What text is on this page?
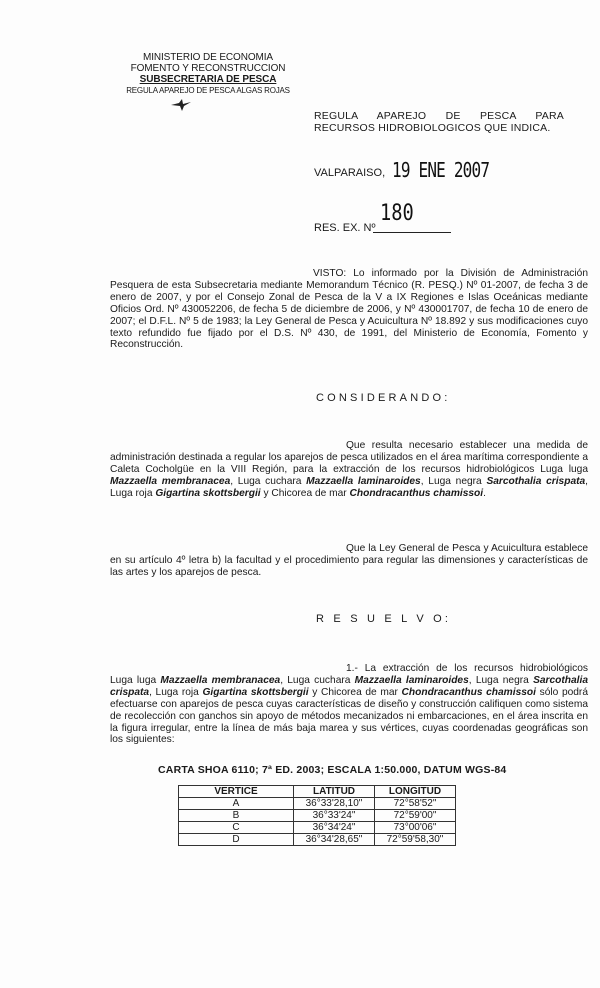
MINISTERIO DE ECONOMIA
FOMENTO Y RECONSTRUCCION
SUBSECRETARIA DE PESCA
REGULA APAREJO DE PESCA ALGAS ROJAS
REGULA APAREJO DE PESCA PARA
RECURSOS HIDROBIOLOGICOS QUE INDICA.
VALPARAISO, 19 ENE 2007
RES. EX. Nº
180
VISTO: Lo informado por la División de Administración Pesquera de esta Subsecretaria mediante Memorandum Técnico (R. PESQ.) Nº 01-2007, de fecha 3 de enero de 2007, y por el Consejo Zonal de Pesca de la V a IX Regiones e Islas Oceánicas mediante Oficios Ord. Nº 430052206, de fecha 5 de diciembre de 2006, y Nº 430001707, de fecha 10 de enero de 2007; el D.F.L. Nº 5 de 1983; la Ley General de Pesca y Acuicultura Nº 18.892 y sus modificaciones cuyo texto refundido fue fijado por el D.S. Nº 430, de 1991, del Ministerio de Economía, Fomento y Reconstrucción.
CONSIDERANDO:
Que resulta necesario establecer una medida de administración destinada a regular los aparejos de pesca utilizados en el área marítima correspondiente a Caleta Cocholgüe en la VIII Región, para la extracción de los recursos hidrobiológicos Luga luga Mazzaella membranacea, Luga cuchara Mazzaella laminaroides, Luga negra Sarcothalia crispata, Luga roja Gigartina skottsbergii y Chicorea de mar Chondracanthus chamissoi.
Que la Ley General de Pesca y Acuicultura establece en su artículo 4º letra b) la facultad y el procedimiento para regular las dimensiones y características de las artes y los aparejos de pesca.
R E S U E L V O:
1.- La extracción de los recursos hidrobiológicos Luga luga Mazzaella membranacea, Luga cuchara Mazzaella laminaroides, Luga negra Sarcothalia crispata, Luga roja Gigartina skottsbergii y Chicorea de mar Chondracanthus chamissoi sólo podrá efectuarse con aparejos de pesca cuyas características de diseño y construcción califiquen como sistema de recolección con ganchos sin apoyo de métodos mecanizados ni embarcaciones, en el área inscrita en la figura irregular, entre la línea de más baja marea y sus vértices, cuyas coordenadas geográficas son los siguientes:
CARTA SHOA 6110; 7ª ED. 2003; ESCALA 1:50.000, DATUM WGS-84
VERTICE	LATITUD	LONGITUD
A	36°33'28,10"	72°58'52"
B	36°33'24"	72°59'00"
C	36°34'24"	73°00'06"
D	36°34'28,65"	72°59'58,30"
